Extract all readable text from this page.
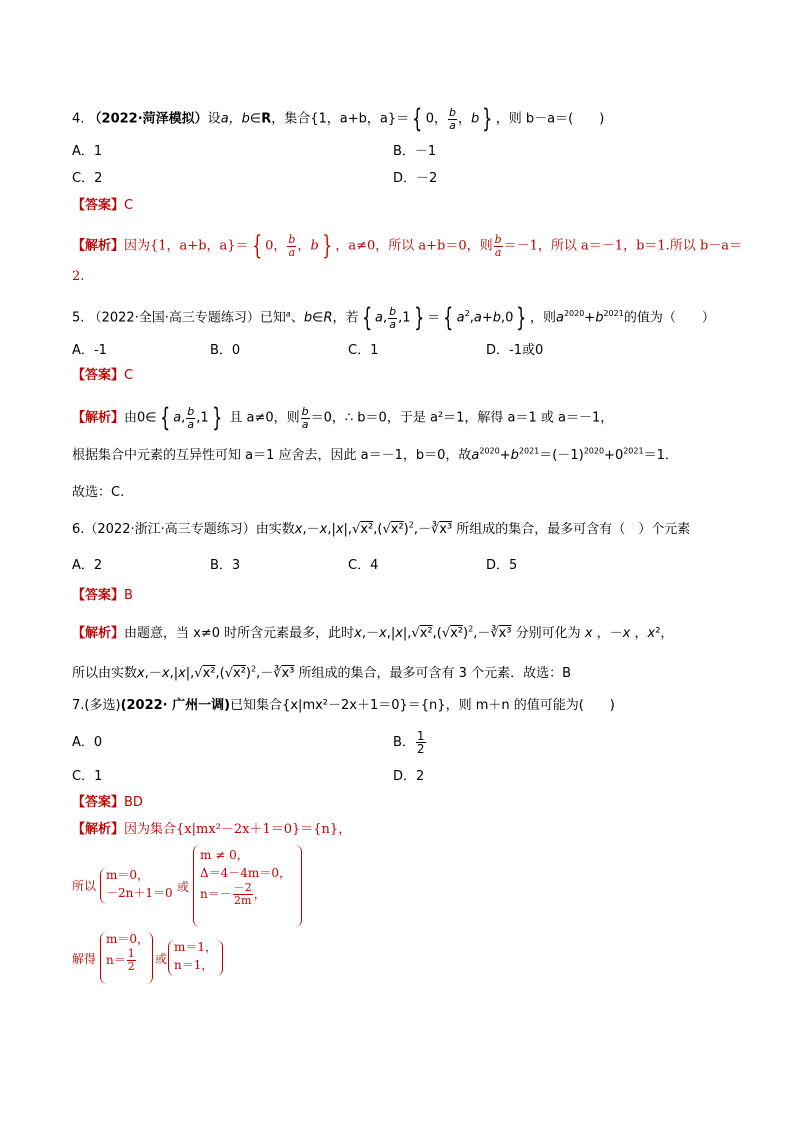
4. （2022·菏泽模拟）设a，b∈R，集合{1，a+b，a}＝ { 0， $\frac{b}{a}$ ，b } ，则 b－a＝(　　)
A．1	B．－1
C．2	D．－2
【答案】C
【解析】因为{1，a+b，a}＝ { 0， $\frac{b}{a}$ ，b } ，a≠0，所以 a+b＝0，则 $\frac{b}{a} =-1$，所以 a＝－1，b＝1.所以 b－a＝
2.
5. （2022·全国·高三专题练习）已知$^a$、b∈R，若 { a, $\frac{b}{a} ,1$ } ＝ { $a^2,a+b,0$ } ，则$a^{2020}+b^{2021}$的值为（　　）
A．-1	B．0	C．1	D．-1或0
【答案】C
【解析】由0∈ { a, $\frac{b}{a} ,1$ } 且 a≠0，则 $\frac{b}{a} =0$，∴ b＝0，于是 a²＝1，解得 a＝1 或 a＝－1，
根据集合中元素的互异性可知 a＝1 应舍去，因此 a＝－1，b＝0，故$a^{2020}+b^{2021}=(-1)^{2020}+0^{2021}=1$．
故选：C.
6.（2022·浙江·高三专题练习）由实数$x,-x,|x|,√x^2,(√x^2)^2,-∛x^3$ 所组成的集合，最多可含有（　）个元素
A．2	B．3	C．4	D．5
【答案】B
【解析】由题意，当 x≠0 时所含元素最多，此时$x,-x,|x|,√x^2,(√x^2)^2,-∛x^3$ 分别可化为 x ，－x ，x²，
所以由实数$x,-x,|x|,√x^2,(√x^2)^2,-∛x^3$ 所组成的集合，最多可含有 3 个元素．故选：B
7.(多选)(2022· 广州一调)已知集合{x|mx²－2x＋1＝0}＝{n}，则 m＋n 的值可能为(　　)
A．0	B． $\frac{1}{2}$
C．1	D．2
【答案】BD
【解析】因为集合{x|mx²－2x＋1＝0}＝{n}，
所以
m＝0，
－2n＋1＝0 或
m ≠ 0，
Δ＝4－4m＝0，
$n=- \frac{-2}{2m}$ ，
解得
m＝0，
$n= \frac{1}{2}$ 或
m＝1，
n＝1，
